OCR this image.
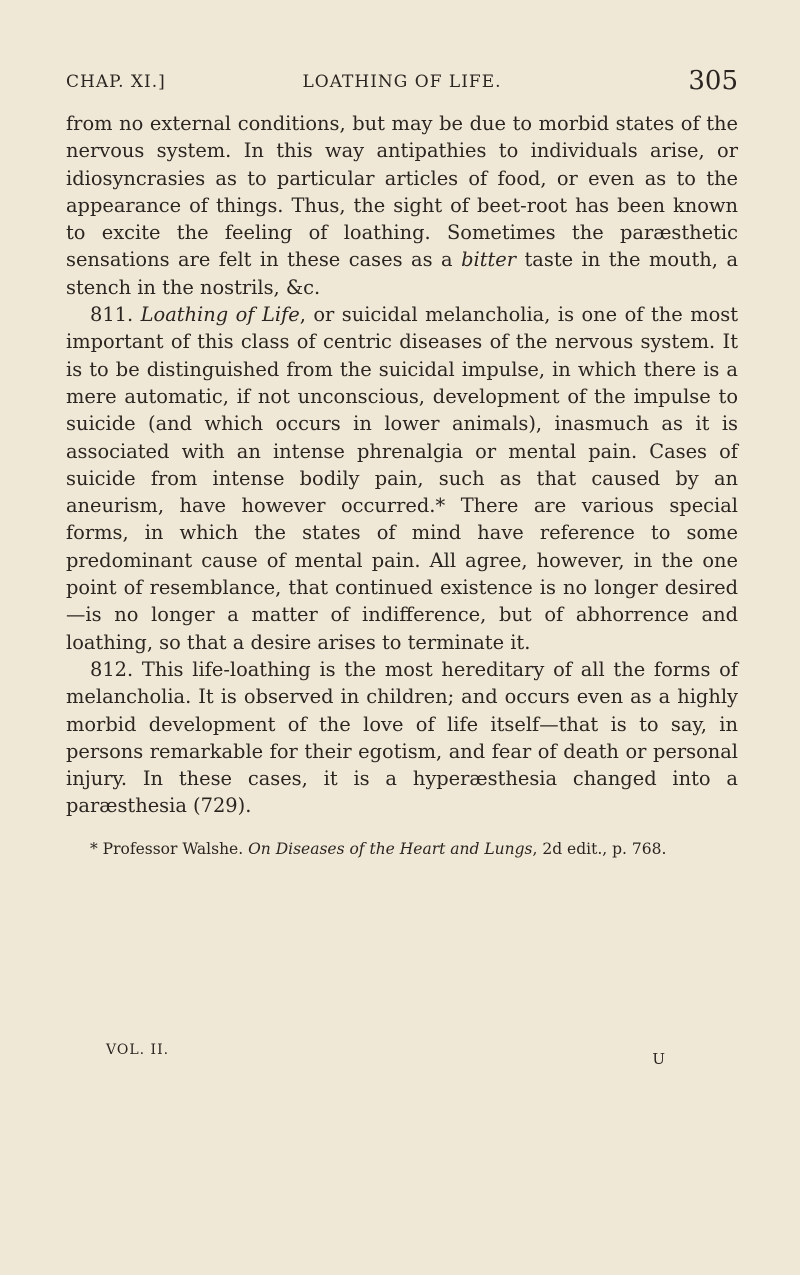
CHAP. XI.]	LOATHING OF LIFE.	305

from no external conditions, but may be due to morbid states of the nervous system. In this way antipathies to individuals arise, or idiosyncrasies as to particular articles of food, or even as to the appearance of things. Thus, the sight of beet-root has been known to excite the feeling of loathing. Sometimes the paræsthetic sensations are felt in these cases as a bitter taste in the mouth, a stench in the nostrils, &c.

811. Loathing of Life, or suicidal melancholia, is one of the most important of this class of centric diseases of the nervous system. It is to be distinguished from the suicidal impulse, in which there is a mere automatic, if not unconscious, development of the impulse to suicide (and which occurs in lower animals), inasmuch as it is associated with an intense phrenalgia or mental pain. Cases of suicide from intense bodily pain, such as that caused by an aneurism, have however occurred.* There are various special forms, in which the states of mind have reference to some predominant cause of mental pain. All agree, however, in the one point of resemblance, that continued existence is no longer desired—is no longer a matter of indifference, but of abhorrence and loathing, so that a desire arises to terminate it.

812. This life-loathing is the most hereditary of all the forms of melancholia. It is observed in children; and occurs even as a highly morbid development of the love of life itself—that is to say, in persons remarkable for their egotism, and fear of death or personal injury. In these cases, it is a hyperæsthesia changed into a paræsthesia (729).

* Professor Walshe. On Diseases of the Heart and Lungs, 2d edit., p. 768.

VOL. II.	U
